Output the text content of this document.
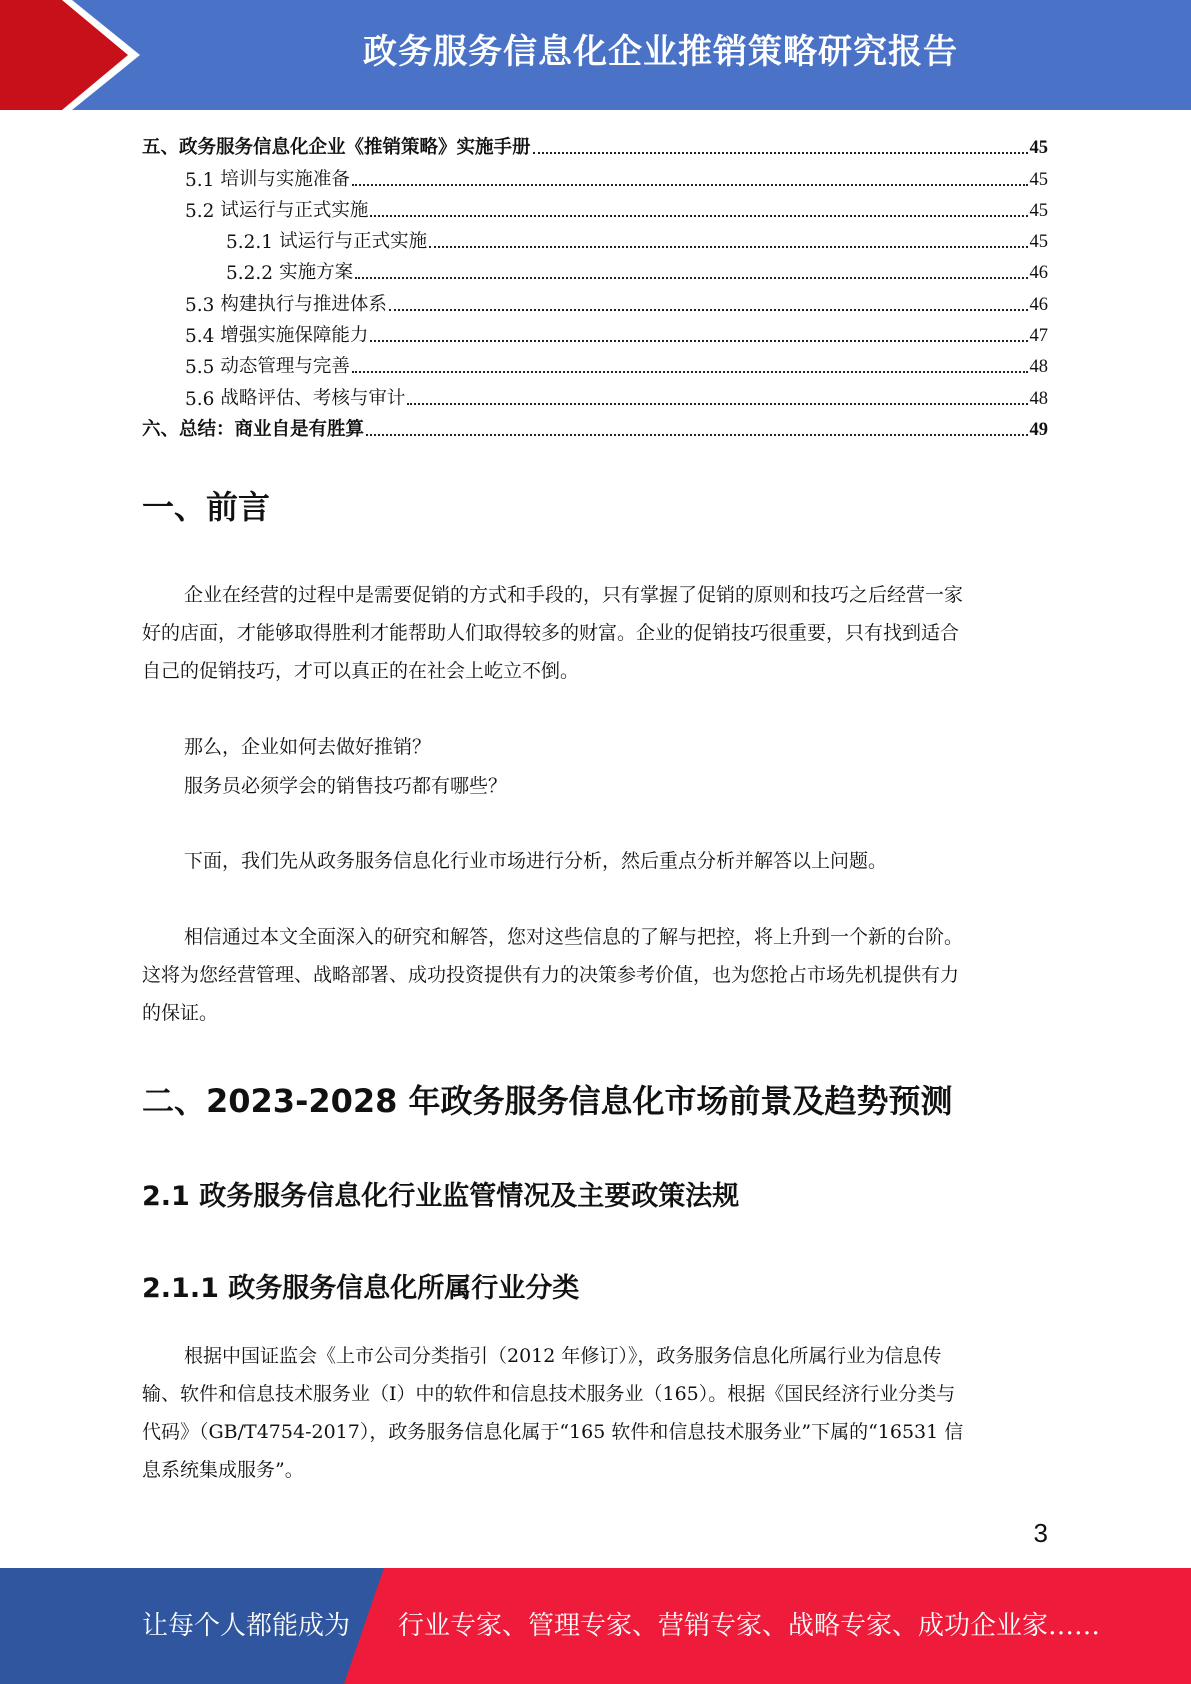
政务服务信息化企业推销策略研究报告
五、政务服务信息化企业《推销策略》实施手册	45
5.1 培训与实施准备	45
5.2 试运行与正式实施	45
5.2.1 试运行与正式实施	45
5.2.2 实施方案	46
5.3 构建执行与推进体系	46
5.4 增强实施保障能力	47
5.5 动态管理与完善	48
5.6 战略评估、考核与审计	48
六、总结：商业自是有胜算	49
一、前言

企业在经营的过程中是需要促销的方式和手段的，只有掌握了促销的原则和技巧之后经营一家
好的店面，才能够取得胜利才能帮助人们取得较多的财富。企业的促销技巧很重要，只有找到适合
自己的促销技巧，才可以真正的在社会上屹立不倒。

那么，企业如何去做好推销？

服务员必须学会的销售技巧都有哪些？

下面，我们先从政务服务信息化行业市场进行分析，然后重点分析并解答以上问题。

相信通过本文全面深入的研究和解答，您对这些信息的了解与把控，将上升到一个新的台阶。
这将为您经营管理、战略部署、成功投资提供有力的决策参考价值，也为您抢占市场先机提供有力
的保证。

二、2023-2028 年政务服务信息化市场前景及趋势预测
2.1 政务服务信息化行业监管情况及主要政策法规
2.1.1 政务服务信息化所属行业分类

根据中国证监会《上市公司分类指引（2012 年修订）》，政务服务信息化所属行业为信息传
输、软件和信息技术服务业（I）中的软件和信息技术服务业（165）。根据《国民经济行业分类与
代码》（GB/T4754-2017），政务服务信息化属于“165 软件和信息技术服务业”下属的“16531 信
息系统集成服务”。

3
让每个人都能成为 行业专家、管理专家、营销专家、战略专家、成功企业家……
